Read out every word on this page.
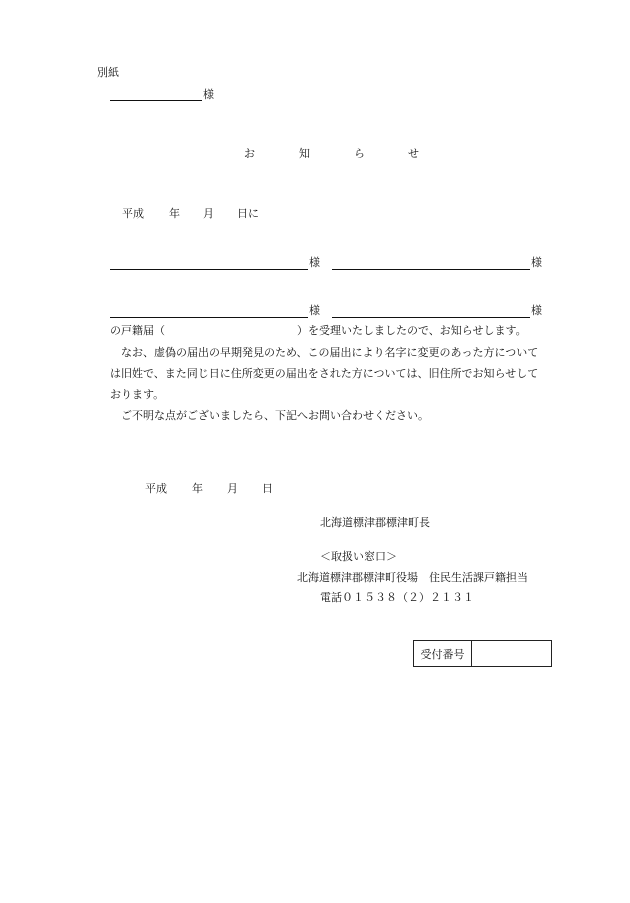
別紙
様
お	知	ら	せ
平成 年 月 日に
様	様
様	様
の戸籍届（　　　　　　　　　　　　）を受理いたしましたので、お知らせします。
　なお、虚偽の届出の早期発見のため、この届出により名字に変更のあった方について
は旧姓で、また同じ日に住所変更の届出をされた方については、旧住所でお知らせして
おります。
　ご不明な点がございましたら、下記へお問い合わせください。
平成 年 月 日
北海道標津郡標津町長
＜取扱い窓口＞
北海道標津郡標津町役場　住民生活課戸籍担当
電話０１５３８（２）２１３１
受付番号
